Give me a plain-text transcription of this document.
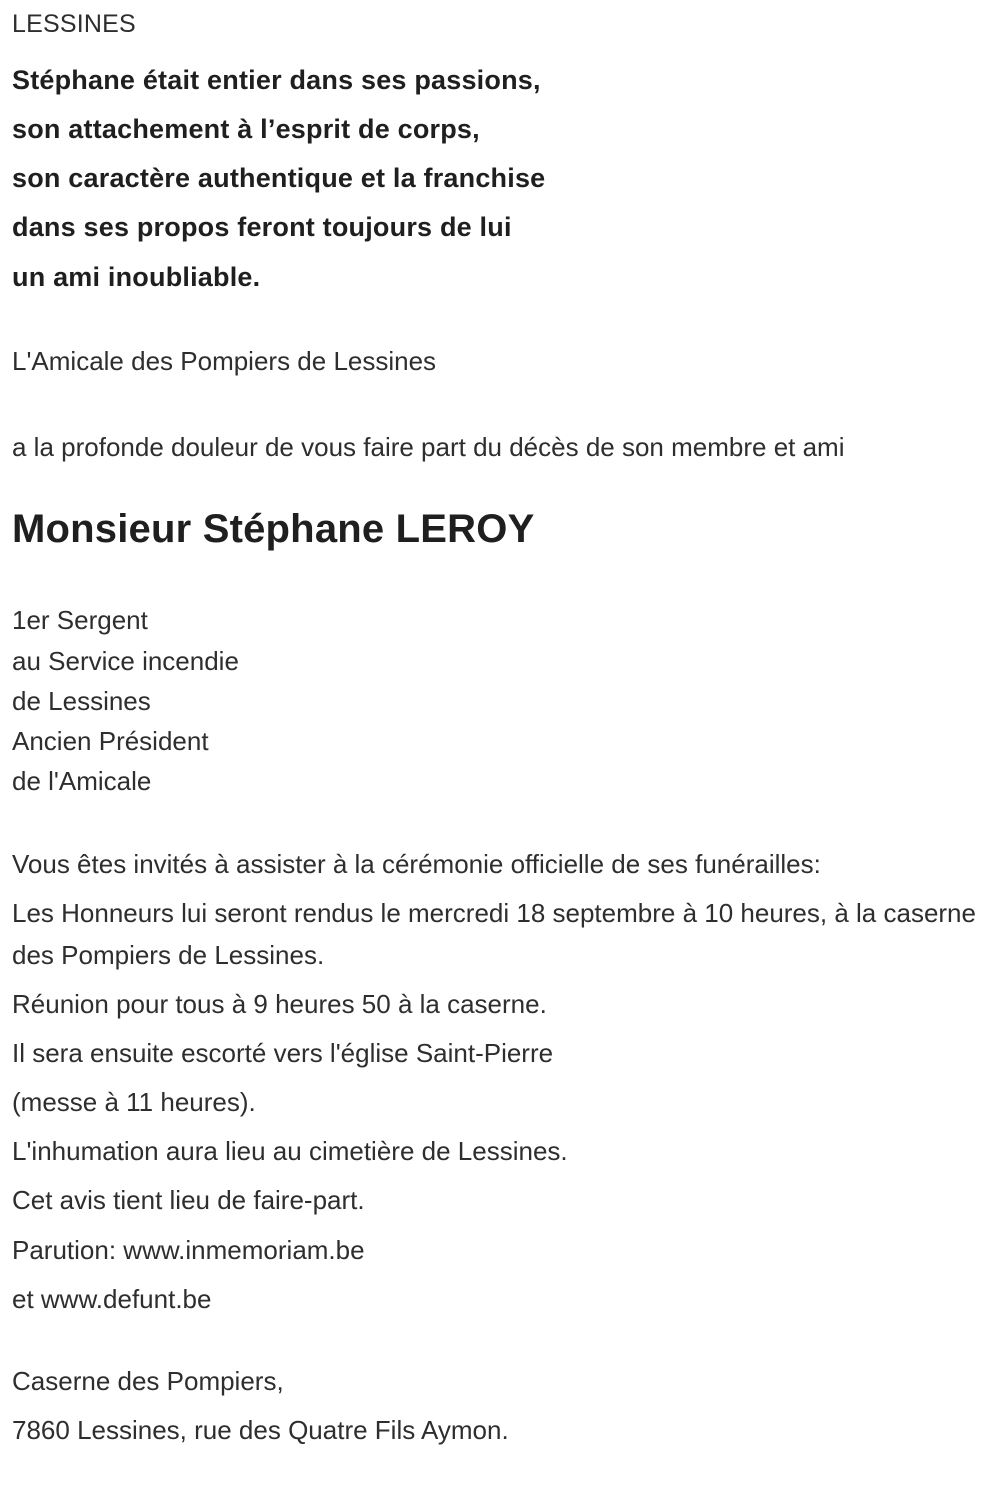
LESSINES

Stéphane était entier dans ses passions,

son attachement à l’esprit de corps,

son caractère authentique et la franchise

dans ses propos feront toujours de lui

un ami inoubliable.

L'Amicale des Pompiers de Lessines

a la profonde douleur de vous faire part du décès de son membre et ami

Monsieur Stéphane LEROY

1er Sergent

au Service incendie

de Lessines

Ancien Président

de l'Amicale

Vous êtes invités à assister à la cérémonie officielle de ses funérailles:

Les Honneurs lui seront rendus le mercredi 18 septembre à 10 heures, à la caserne des Pompiers de Lessines.

Réunion pour tous à 9 heures 50 à la caserne.

Il sera ensuite escorté vers l'église Saint-Pierre

(messe à 11 heures).

L'inhumation aura lieu au cimetière de Lessines.

Cet avis tient lieu de faire-part.

Parution: www.inmemoriam.be

et www.defunt.be

Caserne des Pompiers,

7860 Lessines, rue des Quatre Fils Aymon.
